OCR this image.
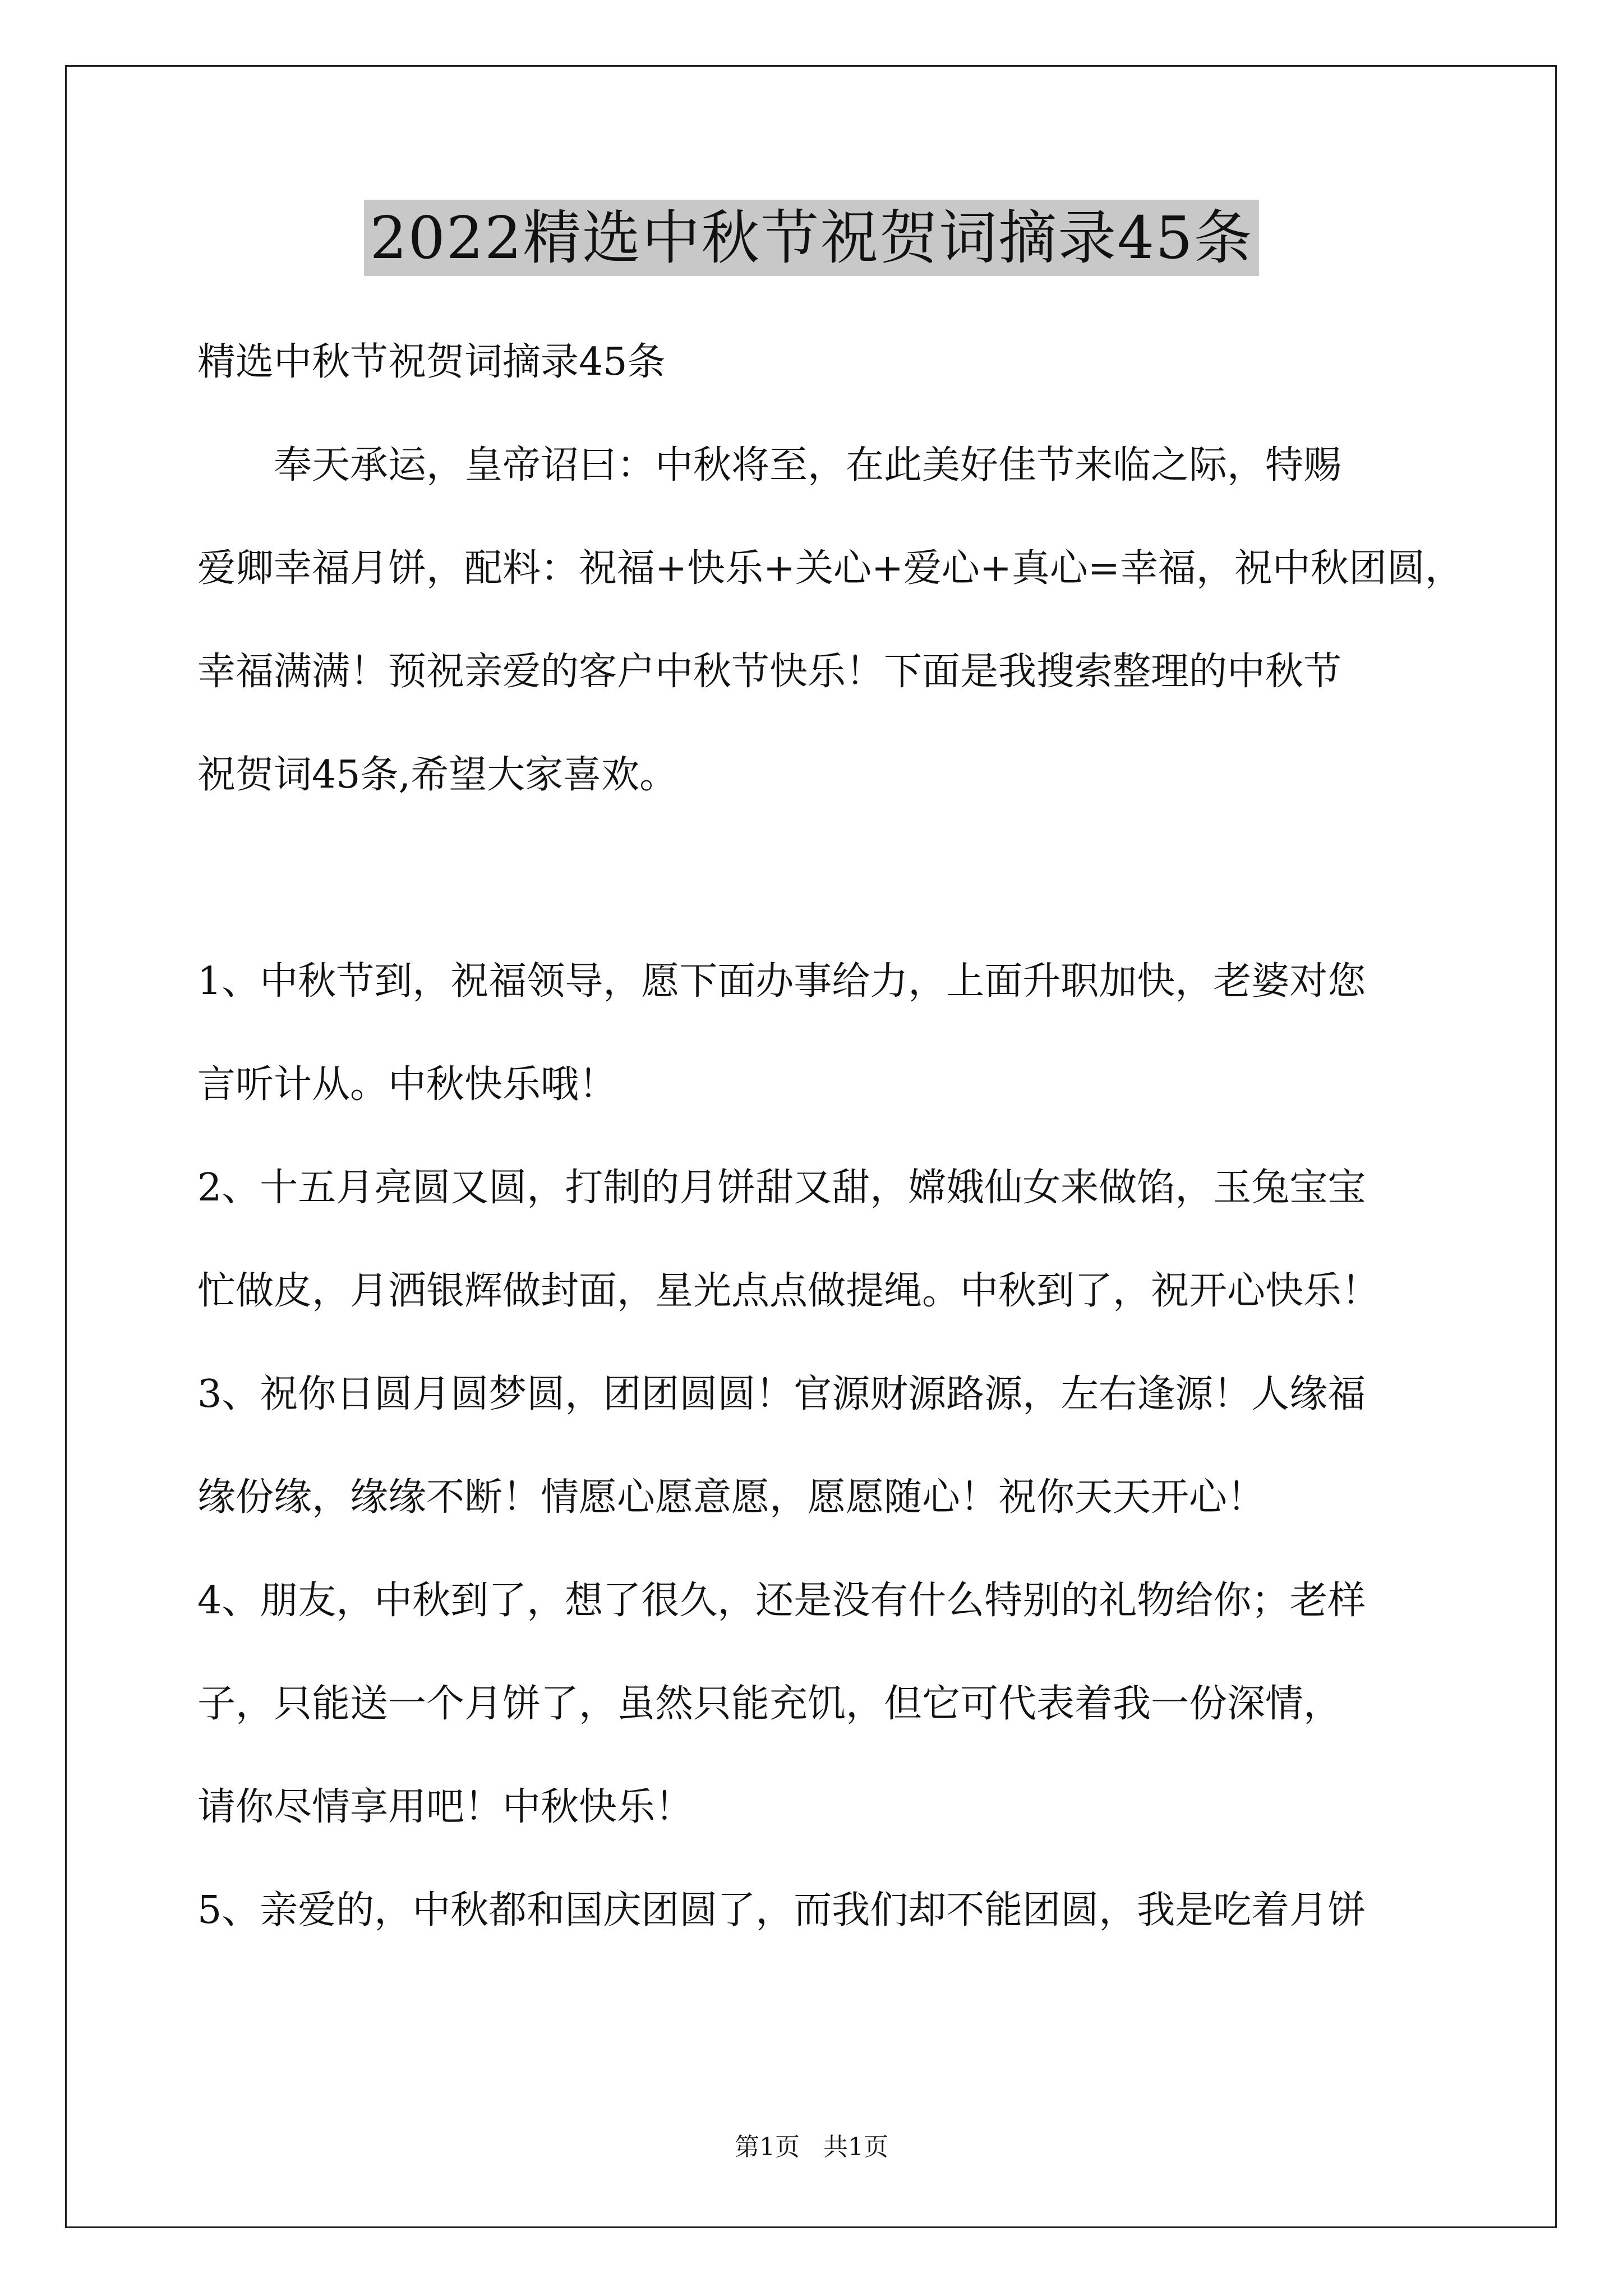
2022精选中秋节祝贺词摘录45条

精选中秋节祝贺词摘录45条

奉天承运，皇帝诏曰：中秋将至，在此美好佳节来临之际，特赐

爱卿幸福月饼，配料：祝福+快乐+关心+爱心+真心=幸福，祝中秋团圆，

幸福满满！预祝亲爱的客户中秋节快乐！下面是我搜索整理的中秋节

祝贺词45条,希望大家喜欢。

1、中秋节到，祝福领导，愿下面办事给力，上面升职加快，老婆对您

言听计从。中秋快乐哦！

2、十五月亮圆又圆，打制的月饼甜又甜，嫦娥仙女来做馅，玉兔宝宝

忙做皮，月洒银辉做封面，星光点点做提绳。中秋到了，祝开心快乐！

3、祝你日圆月圆梦圆，团团圆圆！官源财源路源，左右逢源！人缘福

缘份缘，缘缘不断！情愿心愿意愿，愿愿随心！祝你天天开心！

4、朋友，中秋到了，想了很久，还是没有什么特别的礼物给你；老样

子，只能送一个月饼了，虽然只能充饥，但它可代表着我一份深情，

请你尽情享用吧！中秋快乐！

5、亲爱的，中秋都和国庆团圆了，而我们却不能团圆，我是吃着月饼

第1页 共1页
